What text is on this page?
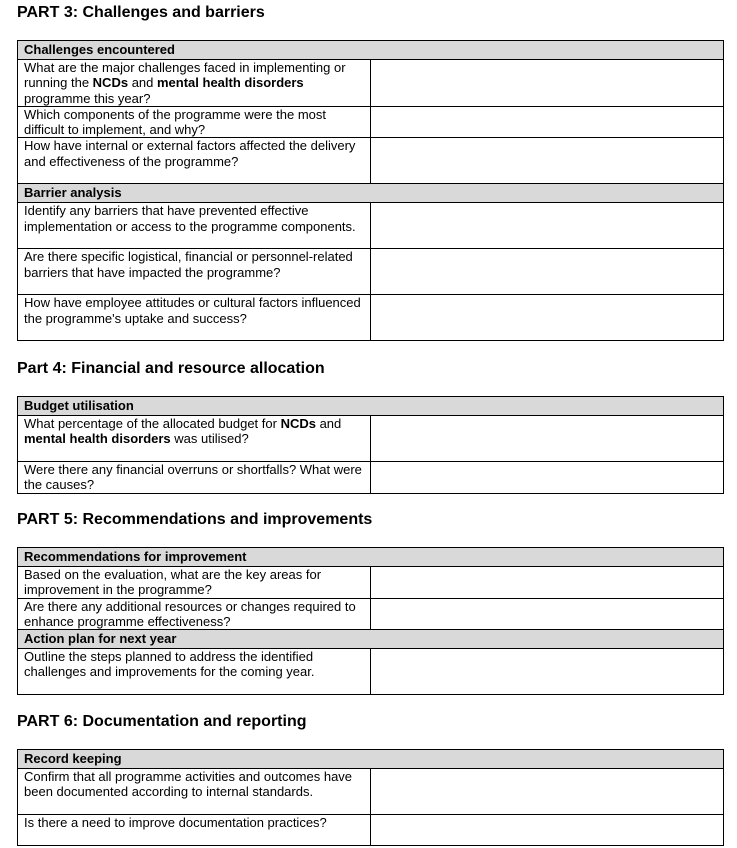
PART 3: Challenges and barriers
Challenges encountered	
What are the major challenges faced in implementing or running the NCDs and mental health disorders programme this year?	
Which components of the programme were the most difficult to implement, and why?	
How have internal or external factors affected the delivery and effectiveness of the programme?	
Barrier analysis	
Identify any barriers that have prevented effective implementation or access to the programme components.	
Are there specific logistical, financial or personnel-related barriers that have impacted the programme?	
How have employee attitudes or cultural factors influenced the programme's uptake and success?	
Part 4: Financial and resource allocation
Budget utilisation	
What percentage of the allocated budget for NCDs and mental health disorders was utilised?	
Were there any financial overruns or shortfalls? What were the causes?	
PART 5: Recommendations and improvements
Recommendations for improvement	
Based on the evaluation, what are the key areas for improvement in the programme?	
Are there any additional resources or changes required to enhance programme effectiveness?	
Action plan for next year	
Outline the steps planned to address the identified challenges and improvements for the coming year.	
PART 6: Documentation and reporting
Record keeping	
Confirm that all programme activities and outcomes have been documented according to internal standards.	
Is there a need to improve documentation practices?	
